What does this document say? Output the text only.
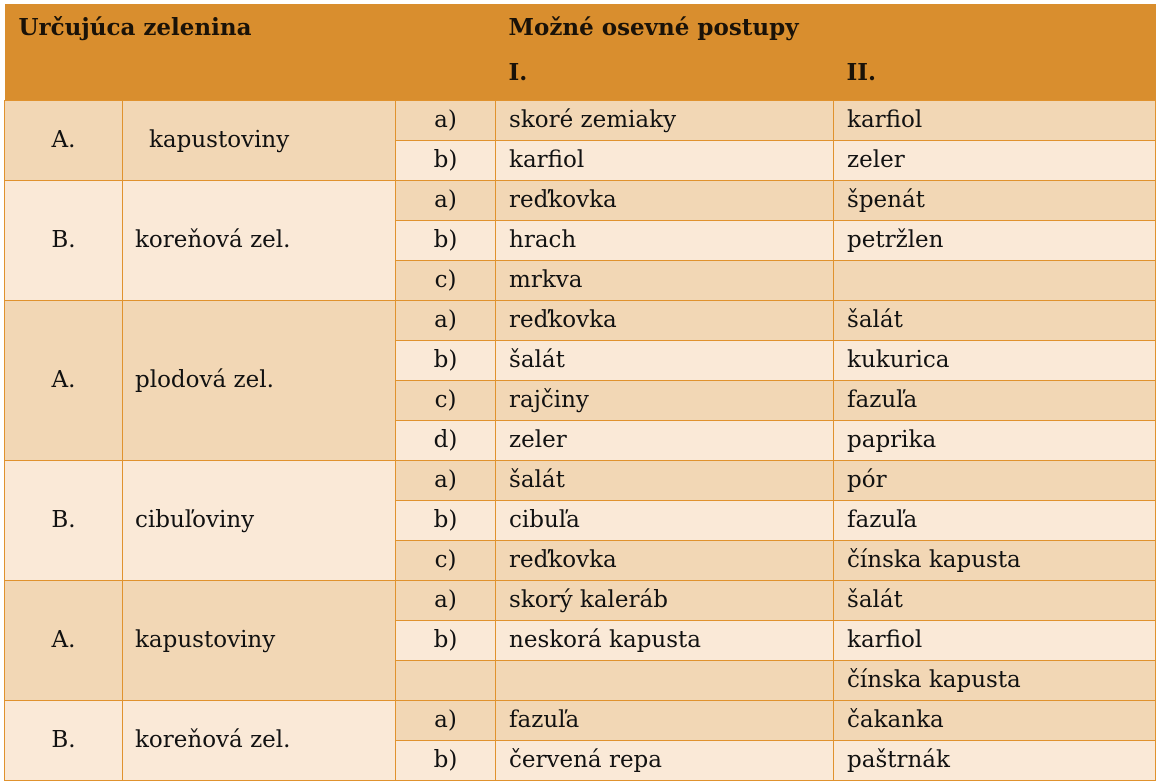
Určujúca zelenina			Možné osevné postupy	
			I.	II.
A.	kapustoviny	a)	skoré zemiaky	karfiol
		b)	karfiol	zeler
B.	koreňová zel.	a)	reďkovka	špenát
		b)	hrach	petržlen
		c)	mrkva	
A.	plodová zel.	a)	reďkovka	šalát
		b)	šalát	kukurica
		c)	rajčiny	fazuľa
		d)	zeler	paprika
B.	cibuľoviny	a)	šalát	pór
		b)	cibuľa	fazuľa
		c)	reďkovka	čínska kapusta
A.	kapustoviny	a)	skorý kaleráb	šalát
		b)	neskorá kapusta	karfiol
				čínska kapusta
B.	koreňová zel.	a)	fazuľa	čakanka
		b)	červená repa	paštrnák
